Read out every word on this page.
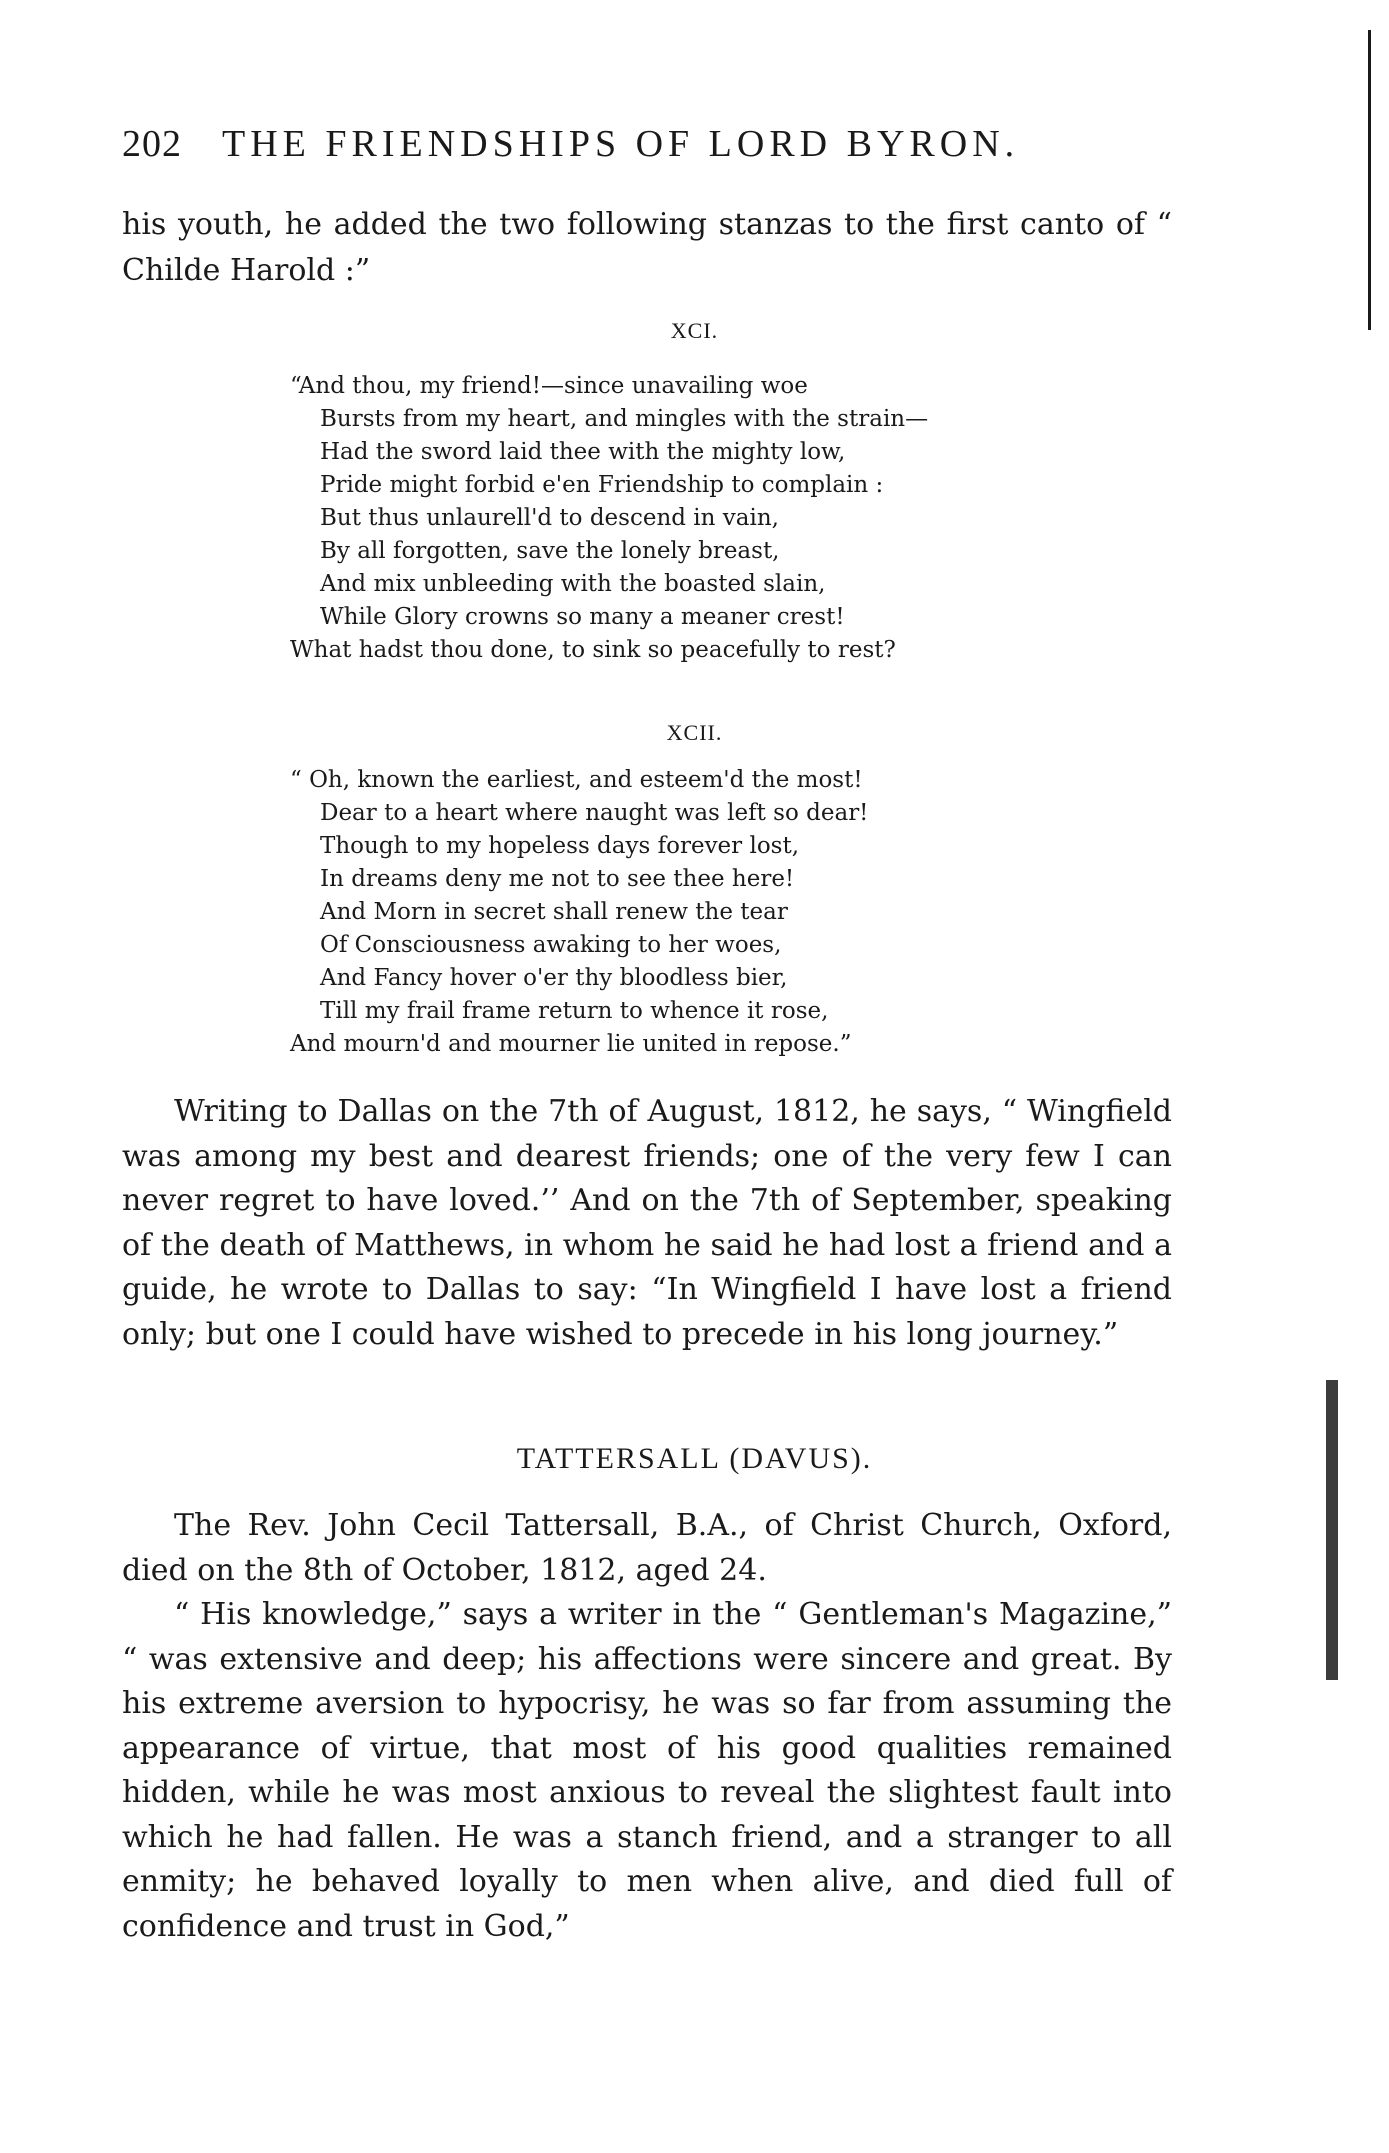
202 THE FRIENDSHIPS OF LORD BYRON.

his youth, he added the two following stanzas to the first canto of “ Childe Harold :”

XCI.
“And thou, my friend!—since unavailing woe
Bursts from my heart, and mingles with the strain—
Had the sword laid thee with the mighty low,
Pride might forbid e'en Friendship to complain :
But thus unlaurell'd to descend in vain,
By all forgotten, save the lonely breast,
And mix unbleeding with the boasted slain,
While Glory crowns so many a meaner crest!
What hadst thou done, to sink so peacefully to rest?
XCII.
“ Oh, known the earliest, and esteem'd the most!
Dear to a heart where naught was left so dear!
Though to my hopeless days forever lost,
In dreams deny me not to see thee here!
And Morn in secret shall renew the tear
Of Consciousness awaking to her woes,
And Fancy hover o'er thy bloodless bier,
Till my frail frame return to whence it rose,
And mourn'd and mourner lie united in repose.”

Writing to Dallas on the 7th of August, 1812, he says, “ Wingfield was among my best and dearest friends; one of the very few I can never regret to have loved.’’ And on the 7th of September, speaking of the death of Matthews, in whom he said he had lost a friend and a guide, he wrote to Dallas to say: “In Wingfield I have lost a friend only; but one I could have wished to precede in his long journey.”

TATTERSALL (DAVUS).

The Rev. John Cecil Tattersall, B.A., of Christ Church, Oxford, died on the 8th of October, 1812, aged 24.

“ His knowledge,” says a writer in the “ Gentleman's Magazine,” “ was extensive and deep; his affections were sincere and great. By his extreme aversion to hypocrisy, he was so far from assuming the appearance of virtue, that most of his good qualities remained hidden, while he was most anxious to reveal the slightest fault into which he had fallen. He was a stanch friend, and a stranger to all enmity; he behaved loyally to men when alive, and died full of confidence and trust in God,”
